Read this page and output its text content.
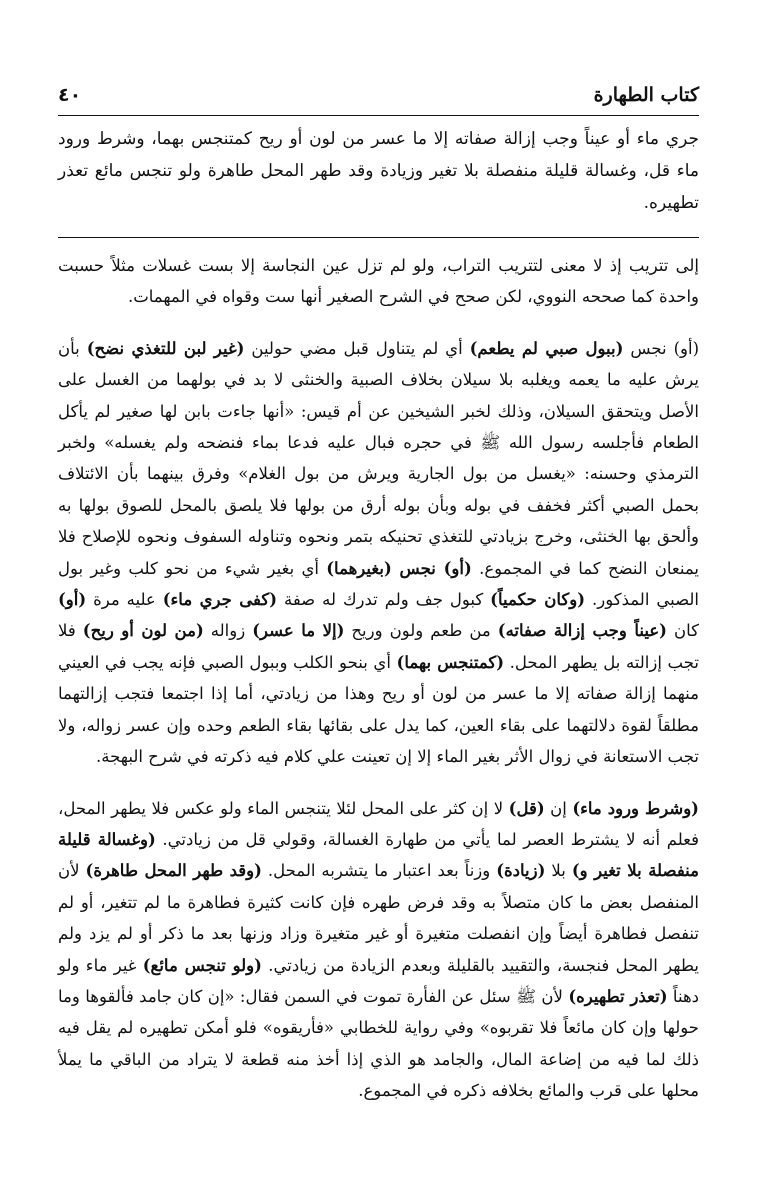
كتاب الطهارة
٤٠
جري ماء أو عيناً وجب إزالة صفاته إلا ما عسر من لون أو ريح كمتنجس بهما، وشرط ورود ماء قل، وغسالة قليلة منفصلة بلا تغير وزيادة وقد طهر المحل طاهرة ولو تنجس مائع تعذر تطهيره.

إلى تتريب إذ لا معنى لتتريب التراب، ولو لم تزل عين النجاسة إلا بست غسلات مثلاً حسبت واحدة كما صححه النووي، لكن صحح في الشرح الصغير أنها ست وقواه في المهمات.

(أو) نجس (ببول صبي لم يطعم) أي لم يتناول قبل مضي حولين (غير لبن للتغذي نضح) بأن يرش عليه ما يعمه ويغلبه بلا سيلان بخلاف الصبية والخنثى لا بد في بولهما من الغسل على الأصل ويتحقق السيلان، وذلك لخبر الشيخين عن أم قيس: «أنها جاءت بابن لها صغير لم يأكل الطعام فأجلسه رسول الله ﷺ في حجره فبال عليه فدعا بماء فنضحه ولم يغسله» ولخبر الترمذي وحسنه: «يغسل من بول الجارية ويرش من بول الغلام» وفرق بينهما بأن الائتلاف بحمل الصبي أكثر فخفف في بوله وبأن بوله أرق من بولها فلا يلصق بالمحل للصوق بولها به وألحق بها الخنثى، وخرج بزيادتي للتغذي تحنيكه بتمر ونحوه وتناوله السفوف ونحوه للإصلاح فلا يمنعان النضح كما في المجموع. (أو) نجس (بغيرهما) أي بغير شيء من نحو كلب وغير بول الصبي المذكور. (وكان حكمياً) كبول جف ولم تدرك له صفة (كفى جري ماء) عليه مرة (أو) كان (عيناً وجب إزالة صفاته) من طعم ولون وريح (إلا ما عسر) زواله (من لون أو ريح) فلا تجب إزالته بل يطهر المحل. (كمتنجس بهما) أي بنحو الكلب وببول الصبي فإنه يجب في العيني منهما إزالة صفاته إلا ما عسر من لون أو ريح وهذا من زيادتي، أما إذا اجتمعا فتجب إزالتهما مطلقاً لقوة دلالتهما على بقاء العين، كما يدل على بقائها بقاء الطعم وحده وإن عسر زواله، ولا تجب الاستعانة في زوال الأثر بغير الماء إلا إن تعينت علي كلام فيه ذكرته في شرح البهجة.

(وشرط ورود ماء) إن (قل) لا إن كثر على المحل لئلا يتنجس الماء ولو عكس فلا يطهر المحل، فعلم أنه لا يشترط العصر لما يأتي من طهارة الغسالة، وقولي قل من زيادتي. (وغسالة قليلة منفصلة بلا تغير و) بلا (زيادة) وزناً بعد اعتبار ما يتشربه المحل. (وقد طهر المحل طاهرة) لأن المنفصل بعض ما كان متصلاً به وقد فرض طهره فإن كانت كثيرة فطاهرة ما لم تتغير، أو لم تنفصل فطاهرة أيضاً وإن انفصلت متغيرة أو غير متغيرة وزاد وزنها بعد ما ذكر أو لم يزد ولم يطهر المحل فنجسة، والتقييد بالقليلة وبعدم الزيادة من زيادتي. (ولو تنجس مائع) غير ماء ولو دهناً (تعذر تطهيره) لأن ﷺ سئل عن الفأرة تموت في السمن فقال: «إن كان جامد فألقوها وما حولها وإن كان مائعاً فلا تقربوه» وفي رواية للخطابي «فأريقوه» فلو أمكن تطهيره لم يقل فيه ذلك لما فيه من إضاعة المال، والجامد هو الذي إذا أخذ منه قطعة لا يتراد من الباقي ما يملأ محلها على قرب والمائع بخلافه ذكره في المجموع.
